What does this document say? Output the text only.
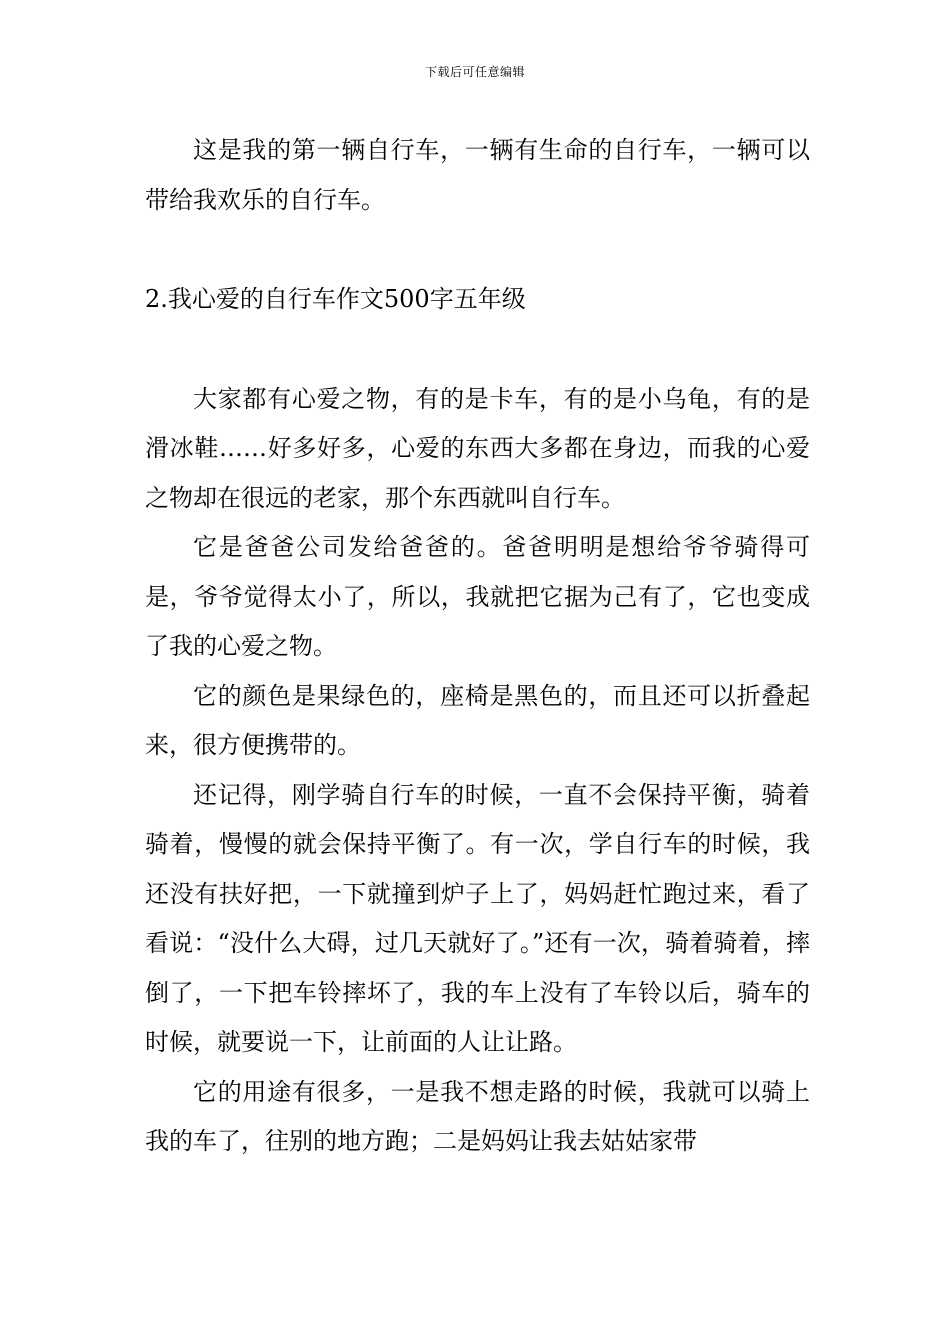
下载后可任意编辑

这是我的第一辆自行车，一辆有生命的自行车，一辆可以带给我欢乐的自行车。

2.我心爱的自行车作文500字五年级

大家都有心爱之物，有的是卡车，有的是小乌龟，有的是滑冰鞋……好多好多，心爱的东西大多都在身边，而我的心爱之物却在很远的老家，那个东西就叫自行车。

它是爸爸公司发给爸爸的。爸爸明明是想给爷爷骑得可是，爷爷觉得太小了，所以，我就把它据为己有了，它也变成了我的心爱之物。

它的颜色是果绿色的，座椅是黑色的，而且还可以折叠起来，很方便携带的。

还记得，刚学骑自行车的时候，一直不会保持平衡，骑着骑着，慢慢的就会保持平衡了。有一次，学自行车的时候，我还没有扶好把，一下就撞到炉子上了，妈妈赶忙跑过来，看了看说：“没什么大碍，过几天就好了。”还有一次，骑着骑着，摔倒了，一下把车铃摔坏了，我的车上没有了车铃以后，骑车的时候，就要说一下，让前面的人让让路。

它的用途有很多，一是我不想走路的时候，我就可以骑上我的车了，往别的地方跑；二是妈妈让我去姑姑家带
